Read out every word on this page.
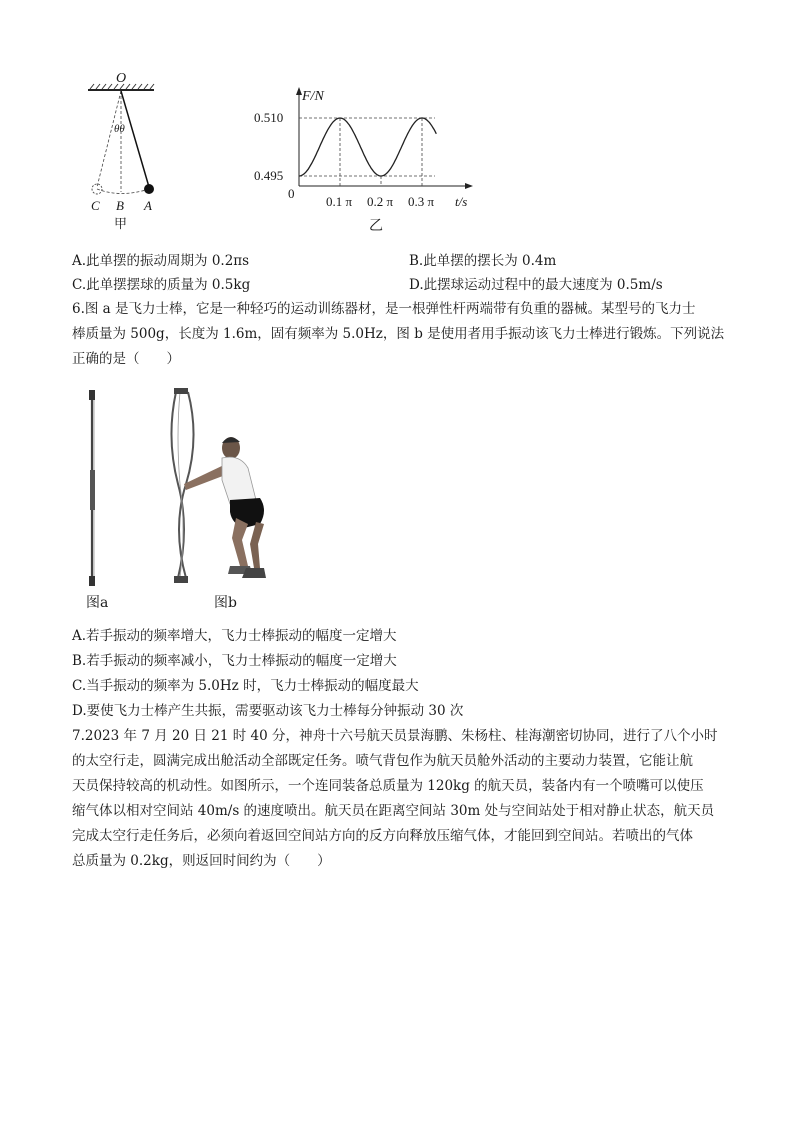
O
θθ
C B A
甲
F/N
t/s
0
0.510
0.495
0.1 π 0.2 π 0.3 π
乙
A.此单摆的振动周期为 0.2πs	B.此单摆的摆长为 0.4m
C.此单摆摆球的质量为 0.5kg	D.此摆球运动过程中的最大速度为 0.5m/s
6.图 a 是飞力士棒，它是一种轻巧的运动训练器材，是一根弹性杆两端带有负重的器械。某型号的飞力士
棒质量为 500g，长度为 1.6m，固有频率为 5.0Hz，图 b 是使用者用手振动该飞力士棒进行锻炼。下列说法
正确的是（　　）
图a	图b
A.若手振动的频率增大，飞力士棒振动的幅度一定增大
B.若手振动的频率减小，飞力士棒振动的幅度一定增大
C.当手振动的频率为 5.0Hz 时，飞力士棒振动的幅度最大
D.要使飞力士棒产生共振，需要驱动该飞力士棒每分钟振动 30 次
7.2023 年 7 月 20 日 21 时 40 分，神舟十六号航天员景海鹏、朱杨柱、桂海潮密切协同，进行了八个小时
的太空行走，圆满完成出舱活动全部既定任务。喷气背包作为航天员舱外活动的主要动力装置，它能让航
天员保持较高的机动性。如图所示，一个连同装备总质量为 120kg 的航天员，装备内有一个喷嘴可以使压
缩气体以相对空间站 40m/s 的速度喷出。航天员在距离空间站 30m 处与空间站处于相对静止状态，航天员
完成太空行走任务后，必须向着返回空间站方向的反方向释放压缩气体，才能回到空间站。若喷出的气体
总质量为 0.2kg，则返回时间约为（　　）
